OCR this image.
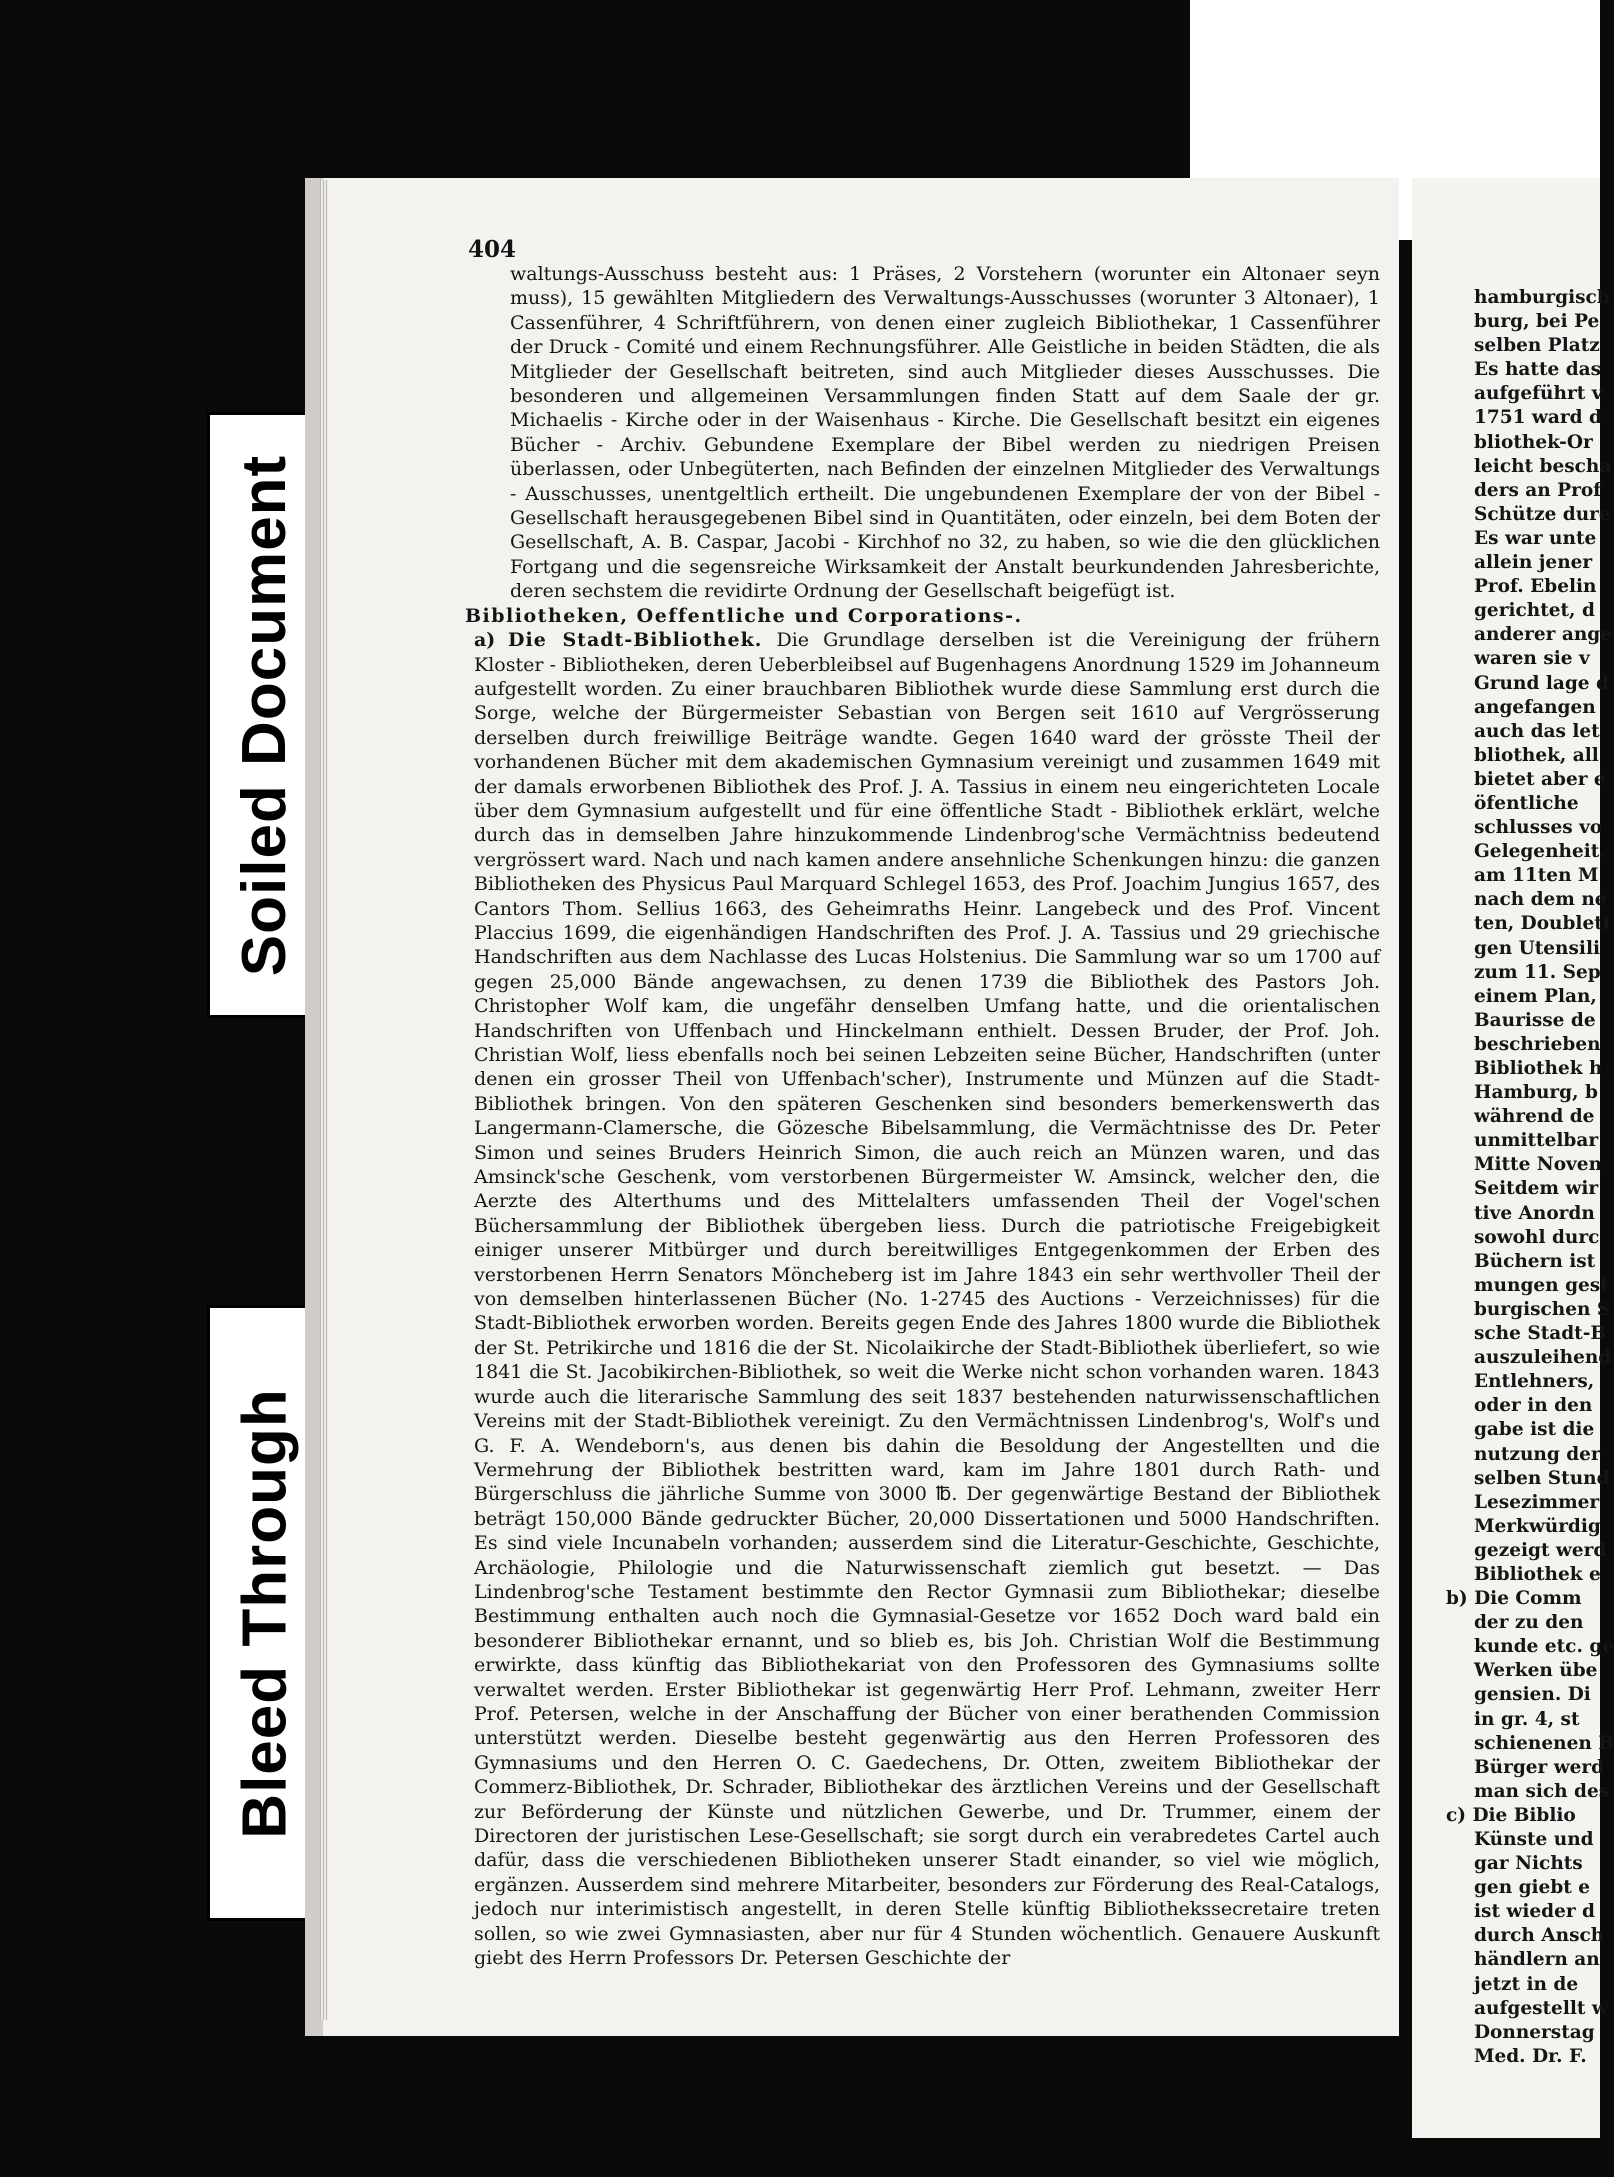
Soiled Document
Bleed Through
404

waltungs-Ausschuss besteht aus: 1 Präses, 2 Vorstehern (worunter ein Altonaer seyn muss), 15 gewählten Mitgliedern des Verwaltungs-Ausschusses (worunter 3 Altonaer), 1 Cassenführer, 4 Schriftführern, von denen einer zugleich Bibliothekar, 1 Cassenführer der Druck - Comité und einem Rechnungsführer. Alle Geistliche in beiden Städten, die als Mitglieder der Gesellschaft beitreten, sind auch Mitglieder dieses Ausschusses. Die besonderen und allgemeinen Versammlungen finden Statt auf dem Saale der gr. Michaelis - Kirche oder in der Waisenhaus - Kirche. Die Gesellschaft besitzt ein eigenes Bücher - Archiv. Gebundene Exemplare der Bibel werden zu niedrigen Preisen überlassen, oder Unbegüterten, nach Befinden der einzelnen Mitglieder des Verwaltungs - Ausschusses, unentgeltlich ertheilt. Die ungebundenen Exemplare der von der Bibel - Gesellschaft herausgegebenen Bibel sind in Quantitäten, oder einzeln, bei dem Boten der Gesellschaft, A. B. Caspar, Jacobi - Kirchhof no 32, zu haben, so wie die den glücklichen Fortgang und die segensreiche Wirksamkeit der Anstalt beurkundenden Jahresberichte, deren sechstem die revidirte Ordnung der Gesellschaft beigefügt ist.

Bibliotheken, Oeffentliche und Corporations-.

a) Die Stadt-Bibliothek. Die Grundlage derselben ist die Vereinigung der frühern Kloster - Bibliotheken, deren Ueberbleibsel auf Bugenhagens Anordnung 1529 im Johanneum aufgestellt worden. Zu einer brauchbaren Bibliothek wurde diese Sammlung erst durch die Sorge, welche der Bürgermeister Sebastian von Bergen seit 1610 auf Vergrösserung derselben durch freiwillige Beiträge wandte. Gegen 1640 ward der grösste Theil der vorhandenen Bücher mit dem akademischen Gymnasium vereinigt und zusammen 1649 mit der damals erworbenen Bibliothek des Prof. J. A. Tassius in einem neu eingerichteten Locale über dem Gymnasium aufgestellt und für eine öffentliche Stadt - Bibliothek erklärt, welche durch das in demselben Jahre hinzukommende Lindenbrog'sche Vermächtniss bedeutend vergrössert ward. Nach und nach kamen andere ansehnliche Schenkungen hinzu: die ganzen Bibliotheken des Physicus Paul Marquard Schlegel 1653, des Prof. Joachim Jungius 1657, des Cantors Thom. Sellius 1663, des Geheimraths Heinr. Langebeck und des Prof. Vincent Placcius 1699, die eigenhändigen Handschriften des Prof. J. A. Tassius und 29 griechische Handschriften aus dem Nachlasse des Lucas Holstenius. Die Sammlung war so um 1700 auf gegen 25,000 Bände angewachsen, zu denen 1739 die Bibliothek des Pastors Joh. Christopher Wolf kam, die ungefähr denselben Umfang hatte, und die orientalischen Handschriften von Uffenbach und Hinckelmann enthielt. Dessen Bruder, der Prof. Joh. Christian Wolf, liess ebenfalls noch bei seinen Lebzeiten seine Bücher, Handschriften (unter denen ein grosser Theil von Uffenbach'scher), Instrumente und Münzen auf die Stadt-Bibliothek bringen. Von den späteren Geschenken sind besonders bemerkenswerth das Langermann-Clamersche, die Gözesche Bibelsammlung, die Vermächtnisse des Dr. Peter Simon und seines Bruders Heinrich Simon, die auch reich an Münzen waren, und das Amsinck'sche Geschenk, vom verstorbenen Bürgermeister W. Amsinck, welcher den, die Aerzte des Alterthums und des Mittelalters umfassenden Theil der Vogel'schen Büchersammlung der Bibliothek übergeben liess. Durch die patriotische Freigebigkeit einiger unserer Mitbürger und durch bereitwilliges Entgegenkommen der Erben des verstorbenen Herrn Senators Möncheberg ist im Jahre 1843 ein sehr werthvoller Theil der von demselben hinterlassenen Bücher (No. 1-2745 des Auctions - Verzeichnisses) für die Stadt-Bibliothek erworben worden. Bereits gegen Ende des Jahres 1800 wurde die Bibliothek der St. Petrikirche und 1816 die der St. Nicolaikirche der Stadt-Bibliothek überliefert, so wie 1841 die St. Jacobikirchen-Bibliothek, so weit die Werke nicht schon vorhanden waren. 1843 wurde auch die literarische Sammlung des seit 1837 bestehenden naturwissenschaftlichen Vereins mit der Stadt-Bibliothek vereinigt. Zu den Vermächtnissen Lindenbrog's, Wolf's und G. F. A. Wendeborn's, aus denen bis dahin die Besoldung der Angestellten und die Vermehrung der Bibliothek bestritten ward, kam im Jahre 1801 durch Rath- und Bürgerschluss die jährliche Summe von 3000 ℔. Der gegenwärtige Bestand der Bibliothek beträgt 150,000 Bände gedruckter Bücher, 20,000 Dissertationen und 5000 Handschriften. Es sind viele Incunabeln vorhanden; ausserdem sind die Literatur-Geschichte, Geschichte, Archäologie, Philologie und die Naturwissenschaft ziemlich gut besetzt. — Das Lindenbrog'sche Testament bestimmte den Rector Gymnasii zum Bibliothekar; dieselbe Bestimmung enthalten auch noch die Gymnasial-Gesetze vor 1652 Doch ward bald ein besonderer Bibliothekar ernannt, und so blieb es, bis Joh. Christian Wolf die Bestimmung erwirkte, dass künftig das Bibliothekariat von den Professoren des Gymnasiums sollte verwaltet werden. Erster Bibliothekar ist gegenwärtig Herr Prof. Lehmann, zweiter Herr Prof. Petersen, welche in der Anschaffung der Bücher von einer berathenden Commission unterstützt werden. Dieselbe besteht gegenwärtig aus den Herren Professoren des Gymnasiums und den Herren O. C. Gaedechens, Dr. Otten, zweitem Bibliothekar der Commerz-Bibliothek, Dr. Schrader, Bibliothekar des ärztlichen Vereins und der Gesellschaft zur Beförderung der Künste und nützlichen Gewerbe, und Dr. Trummer, einem der Directoren der juristischen Lese-Gesellschaft; sie sorgt durch ein verabredetes Cartel auch dafür, dass die verschiedenen Bibliotheken unserer Stadt einander, so viel wie möglich, ergänzen. Ausserdem sind mehrere Mitarbeiter, besonders zur Förderung des Real-Catalogs, jedoch nur interimistisch angestellt, in deren Stelle künftig Bibliothekssecretaire treten sollen, so wie zwei Gymnasiasten, aber nur für 4 Stunden wöchentlich. Genauere Auskunft giebt des Herrn Professors Dr. Petersen Geschichte der

hamburgisch
burg, bei Pe
selben Platz
Es hatte das
aufgeführt v
1751 ward d
bliothek-Or
leicht bescha
ders an Prof
Schütze dure
Es war unte
allein jener
Prof. Ebelin
gerichtet, d
anderer ange
waren sie v
Grund lage d
angefangen
auch das let
bliothek, all
bietet aber e
öfentliche
schlusses vo
Gelegenheit.
am 11ten M
nach dem ne
ten, Doublett
gen Utensili
zum 11. Sep
einem Plan,
Baurisse de
beschrieben
Bibliothek h
Hamburg, b
während de
unmittelbar
Mitte Noven
Seitdem wir
tive Anordn
sowohl durc
Büchern ist
mungen gest
burgischen S
sche Stadt-B
auszuleihend
Entlehners,
oder in den
gabe ist die
nutzung der
selben Stund
Lesezimmer
Merkwürdig
gezeigt werd
Bibliothek e
b) Die Comm
der zu den
kunde etc. ge
Werken übe
gensien. Di
in gr. 4, st
schienenen B
Bürger werd
man sich des
c) Die Biblio
Künste und
gar Nichts
gen giebt e
ist wieder d
durch Ansch
händlern an
jetzt in de
aufgestellt w
Donnerstag
Med. Dr. F.
